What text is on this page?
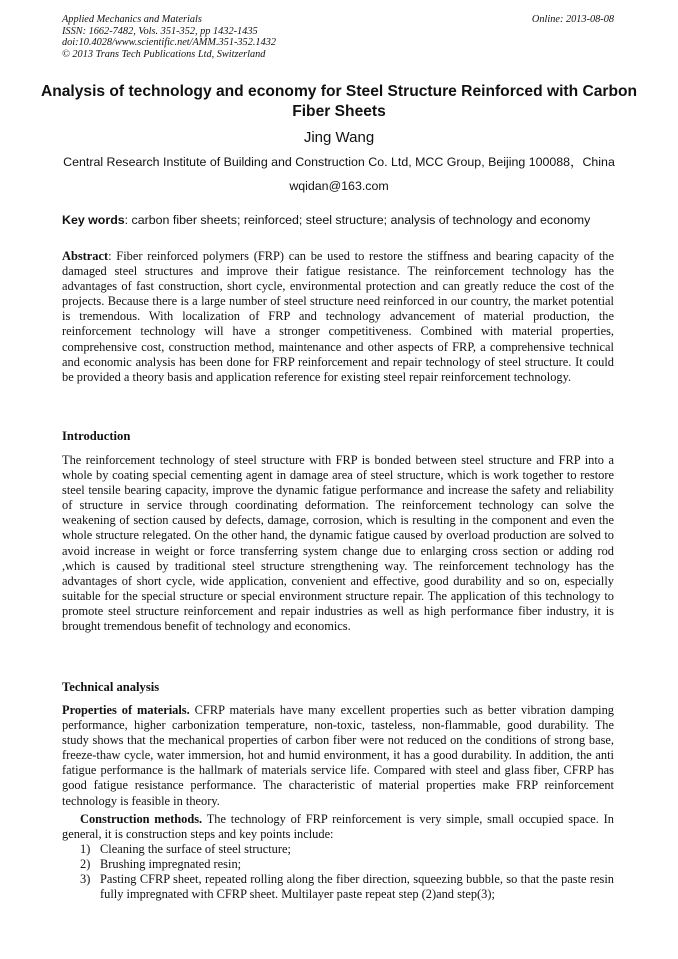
Applied Mechanics and Materials
ISSN: 1662-7482, Vols. 351-352, pp 1432-1435
doi:10.4028/www.scientific.net/AMM.351-352.1432
© 2013 Trans Tech Publications Ltd, Switzerland
Online: 2013-08-08
Analysis of technology and economy for Steel Structure Reinforced with Carbon Fiber Sheets
Jing Wang
Central Research Institute of Building and Construction Co. Ltd, MCC Group, Beijing 100088，China
wqidan@163.com
Key words: carbon fiber sheets; reinforced; steel structure; analysis of technology and economy
Abstract: Fiber reinforced polymers (FRP) can be used to restore the stiffness and bearing capacity of the damaged steel structures and improve their fatigue resistance. The reinforcement technology has the advantages of fast construction, short cycle, environmental protection and can greatly reduce the cost of the projects. Because there is a large number of steel structure need reinforced in our country, the market potential is tremendous. With localization of FRP and technology advancement of material production, the reinforcement technology will have a stronger competitiveness. Combined with material properties, comprehensive cost, construction method, maintenance and other aspects of FRP, a comprehensive technical and economic analysis has been done for FRP reinforcement and repair technology of steel structure. It could be provided a theory basis and application reference for existing steel repair reinforcement technology.
Introduction
The reinforcement technology of steel structure with FRP is bonded between steel structure and FRP into a whole by coating special cementing agent in damage area of steel structure, which is work together to restore steel tensile bearing capacity, improve the dynamic fatigue performance and increase the safety and reliability of structure in service through coordinating deformation. The reinforcement technology can solve the weakening of section caused by defects, damage, corrosion, which is resulting in the component and even the whole structure relegated. On the other hand, the dynamic fatigue caused by overload production are solved to avoid increase in weight or force transferring system change due to enlarging cross section or adding rod ,which is caused by traditional steel structure strengthening way. The reinforcement technology has the advantages of short cycle, wide application, convenient and effective, good durability and so on, especially suitable for the special structure or special environment structure repair. The application of this technology to promote steel structure reinforcement and repair industries as well as high performance fiber industry, it is brought tremendous benefit of technology and economics.
Technical analysis
Properties of materials. CFRP materials have many excellent properties such as better vibration damping performance, higher carbonization temperature, non-toxic, tasteless, non-flammable, good durability. The study shows that the mechanical properties of carbon fiber were not reduced on the conditions of strong base, freeze-thaw cycle, water immersion, hot and humid environment, it has a good durability. In addition, the anti fatigue performance is the hallmark of materials service life. Compared with steel and glass fiber, CFRP has good fatigue resistance performance. The characteristic of material properties make FRP reinforcement technology is feasible in theory.
Construction methods. The technology of FRP reinforcement is very simple, small occupied space. In general, it is construction steps and key points include:
1) Cleaning the surface of steel structure;
2) Brushing impregnated resin;
3) Pasting CFRP sheet, repeated rolling along the fiber direction, squeezing bubble, so that the paste resin fully impregnated with CFRP sheet. Multilayer paste repeat step (2)and step(3);
